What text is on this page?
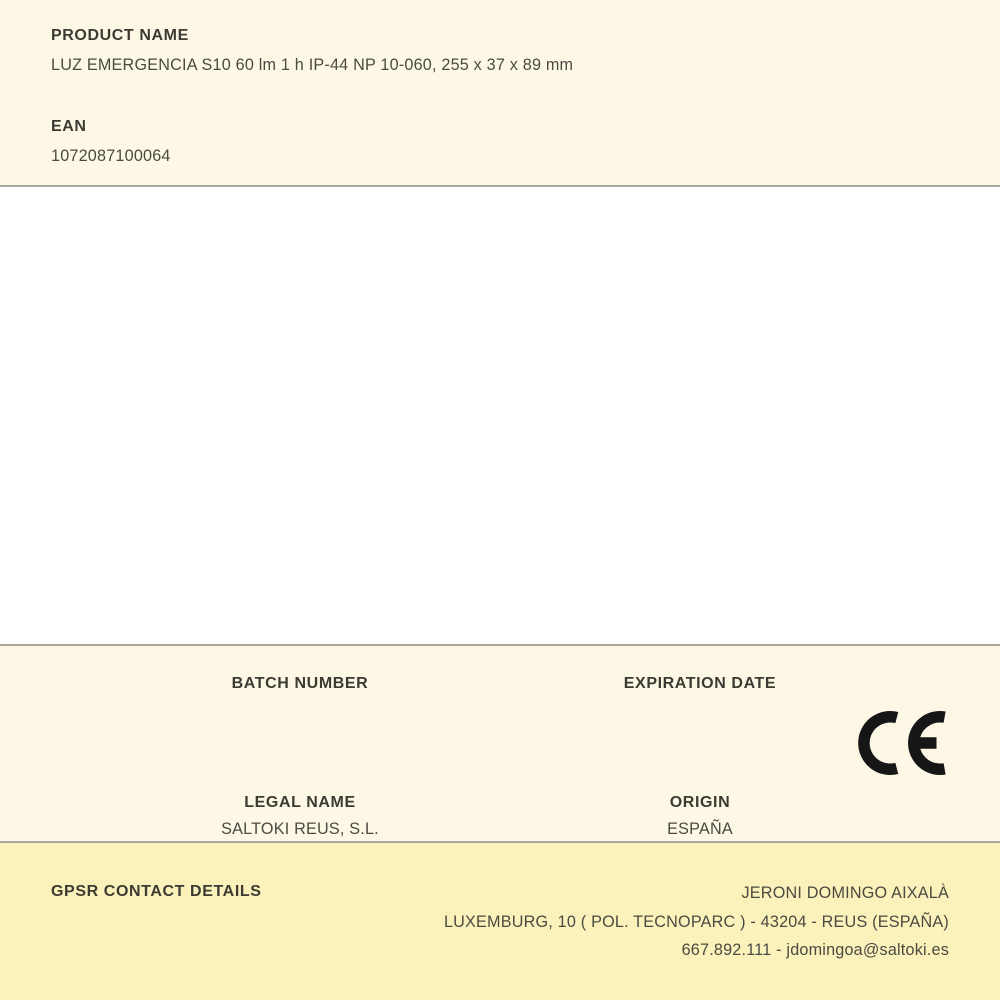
PRODUCT NAME
LUZ EMERGENCIA S10 60 lm 1 h IP-44 NP 10-060, 255 x 37 x 89 mm
EAN
1072087100064
BATCH NUMBER	EXPIRATION DATE
LEGAL NAME
SALTOKI REUS, S.L.
ORIGIN
ESPAÑA
GPSR CONTACT DETAILS	JERONI DOMINGO AIXALÀ
LUXEMBURG, 10 ( POL. TECNOPARC ) - 43204 - REUS (ESPAÑA)
667.892.111 - jdomingoa@saltoki.es
